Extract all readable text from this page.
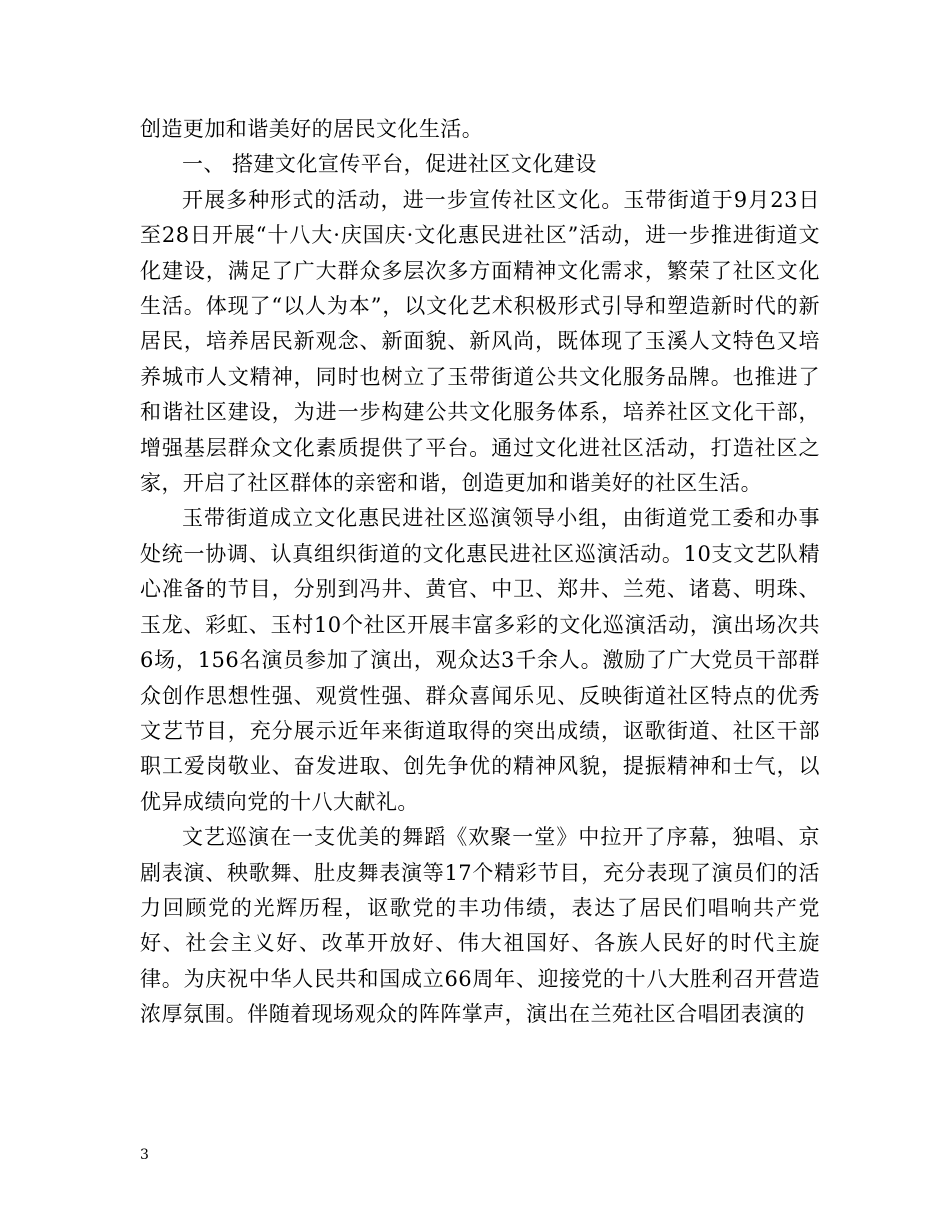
创造更加和谐美好的居民文化生活。

一、 搭建文化宣传平台，促进社区文化建设

开展多种形式的活动，进一步宣传社区文化。玉带街道于9月23日至28日开展“十八大·庆国庆·文化惠民进社区”活动，进一步推进街道文化建设，满足了广大群众多层次多方面精神文化需求，繁荣了社区文化生活。体现了“以人为本”，以文化艺术积极形式引导和塑造新时代的新居民，培养居民新观念、新面貌、新风尚，既体现了玉溪人文特色又培养城市人文精神，同时也树立了玉带街道公共文化服务品牌。也推进了和谐社区建设，为进一步构建公共文化服务体系，培养社区文化干部，增强基层群众文化素质提供了平台。通过文化进社区活动，打造社区之家，开启了社区群体的亲密和谐，创造更加和谐美好的社区生活。

玉带街道成立文化惠民进社区巡演领导小组，由街道党工委和办事处统一协调、认真组织街道的文化惠民进社区巡演活动。10支文艺队精心准备的节目，分别到冯井、黄官、中卫、郑井、兰苑、诸葛、明珠、玉龙、彩虹、玉村10个社区开展丰富多彩的文化巡演活动，演出场次共6场，156名演员参加了演出，观众达3千余人。激励了广大党员干部群众创作思想性强、观赏性强、群众喜闻乐见、反映街道社区特点的优秀文艺节目，充分展示近年来街道取得的突出成绩，讴歌街道、社区干部职工爱岗敬业、奋发进取、创先争优的精神风貌，提振精神和士气，以优异成绩向党的十八大献礼。

文艺巡演在一支优美的舞蹈《欢聚一堂》中拉开了序幕，独唱、京剧表演、秧歌舞、肚皮舞表演等17个精彩节目，充分表现了演员们的活力回顾党的光辉历程，讴歌党的丰功伟绩，表达了居民们唱响共产党好、社会主义好、改革开放好、伟大祖国好、各族人民好的时代主旋律。为庆祝中华人民共和国成立66周年、迎接党的十八大胜利召开营造浓厚氛围。伴随着现场观众的阵阵掌声，演出在兰苑社区合唱团表演的

3
